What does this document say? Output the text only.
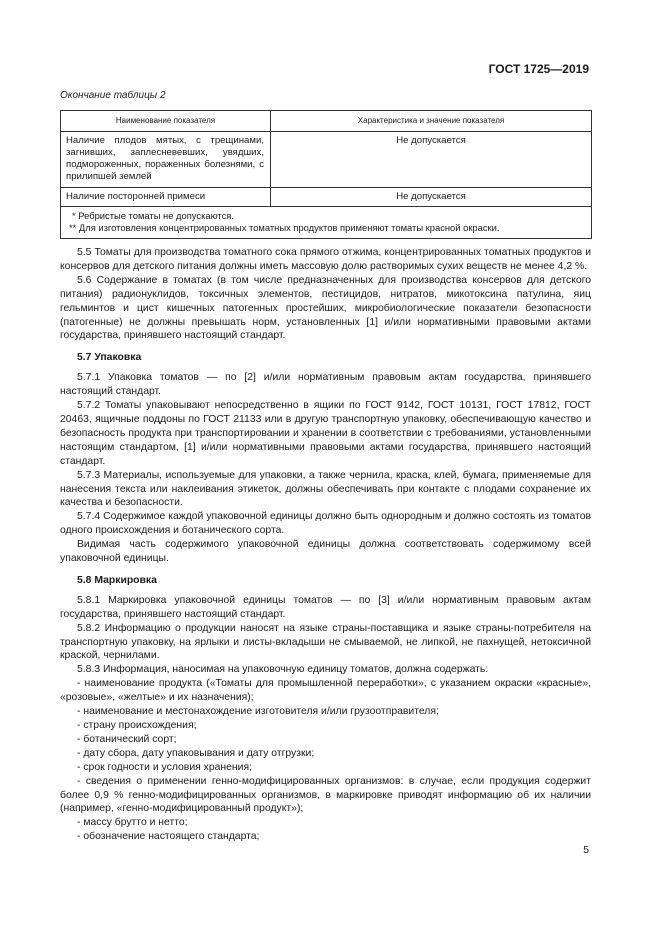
ГОСТ 1725—2019
Окончание таблицы 2
Наименование показателя	Характеристика и значение показателя
Наличие плодов мятых, с трещинами, загнивших, заплесневевших, увядших, подмороженных, пораженных болезнями, с прилипшей землей	Не допускается
Наличие посторонней примеси	Не допускается

* Ребристые томаты не допускаются.
** Для изготовления концентрированных томатных продуктов применяют томаты красной окраски.	

5.5 Томаты для производства томатного сока прямого отжима, концентрированных томатных продуктов и консервов для детского питания должны иметь массовую долю растворимых сухих веществ не менее 4,2 %.

5.6 Содержание в томатах (в том числе предназначенных для производства консервов для детского питания) радионуклидов, токсичных элементов, пестицидов, нитратов, микотоксина патулина, яиц гельминтов и цист кишечных патогенных простейших, микробиологические показатели безопасности (патогенные) не должны превышать норм, установленных [1] и/или нормативными правовыми актами государства, принявшего настоящий стандарт.

5.7 Упаковка

5.7.1 Упаковка томатов — по [2] и/или нормативным правовым актам государства, принявшего настоящий стандарт.

5.7.2 Томаты упаковывают непосредственно в ящики по ГОСТ 9142, ГОСТ 10131, ГОСТ 17812, ГОСТ 20463, ящичные поддоны по ГОСТ 21133 или в другую транспортную упаковку, обеспечивающую качество и безопасность продукта при транспортировании и хранении в соответствии с требованиями, установленными настоящим стандартом, [1] и/или нормативными правовыми актами государства, принявшего настоящий стандарт.

5.7.3 Материалы, используемые для упаковки, а также чернила, краска, клей, бумага, применяемые для нанесения текста или наклеивания этикеток, должны обеспечивать при контакте с плодами сохранение их качества и безопасности.

5.7.4 Содержимое каждой упаковочной единицы должно быть однородным и должно состоять из томатов одного происхождения и ботанического сорта.

Видимая часть содержимого упаковочной единицы должна соответствовать содержимому всей упаковочной единицы.

5.8 Маркировка

5.8.1 Маркировка упаковочной единицы томатов — по [3] и/или нормативным правовым актам государства, принявшего настоящий стандарт.

5.8.2 Информацию о продукции наносят на языке страны-поставщика и языке страны-потребителя на транспортную упаковку, на ярлыки и листы-вкладыши не смываемой, не липкой, не пахнущей, нетоксичной краской, чернилами.

5.8.3 Информация, наносимая на упаковочную единицу томатов, должна содержать:

- наименование продукта («Томаты для промышленной переработки», с указанием окраски «красные», «розовые», «желтые» и их назначения);

- наименование и местонахождение изготовителя и/или грузоотправителя;

- страну происхождения;

- ботанический сорт;

- дату сбора, дату упаковывания и дату отгрузки;

- срок годности и условия хранения;

- сведения о применении генно-модифицированных организмов: в случае, если продукция содержит более 0,9 % генно-модифицированных организмов, в маркировке приводят информацию об их наличии (например, «генно-модифицированный продукт»);

- массу брутто и нетто;

- обозначение настоящего стандарта;

5
